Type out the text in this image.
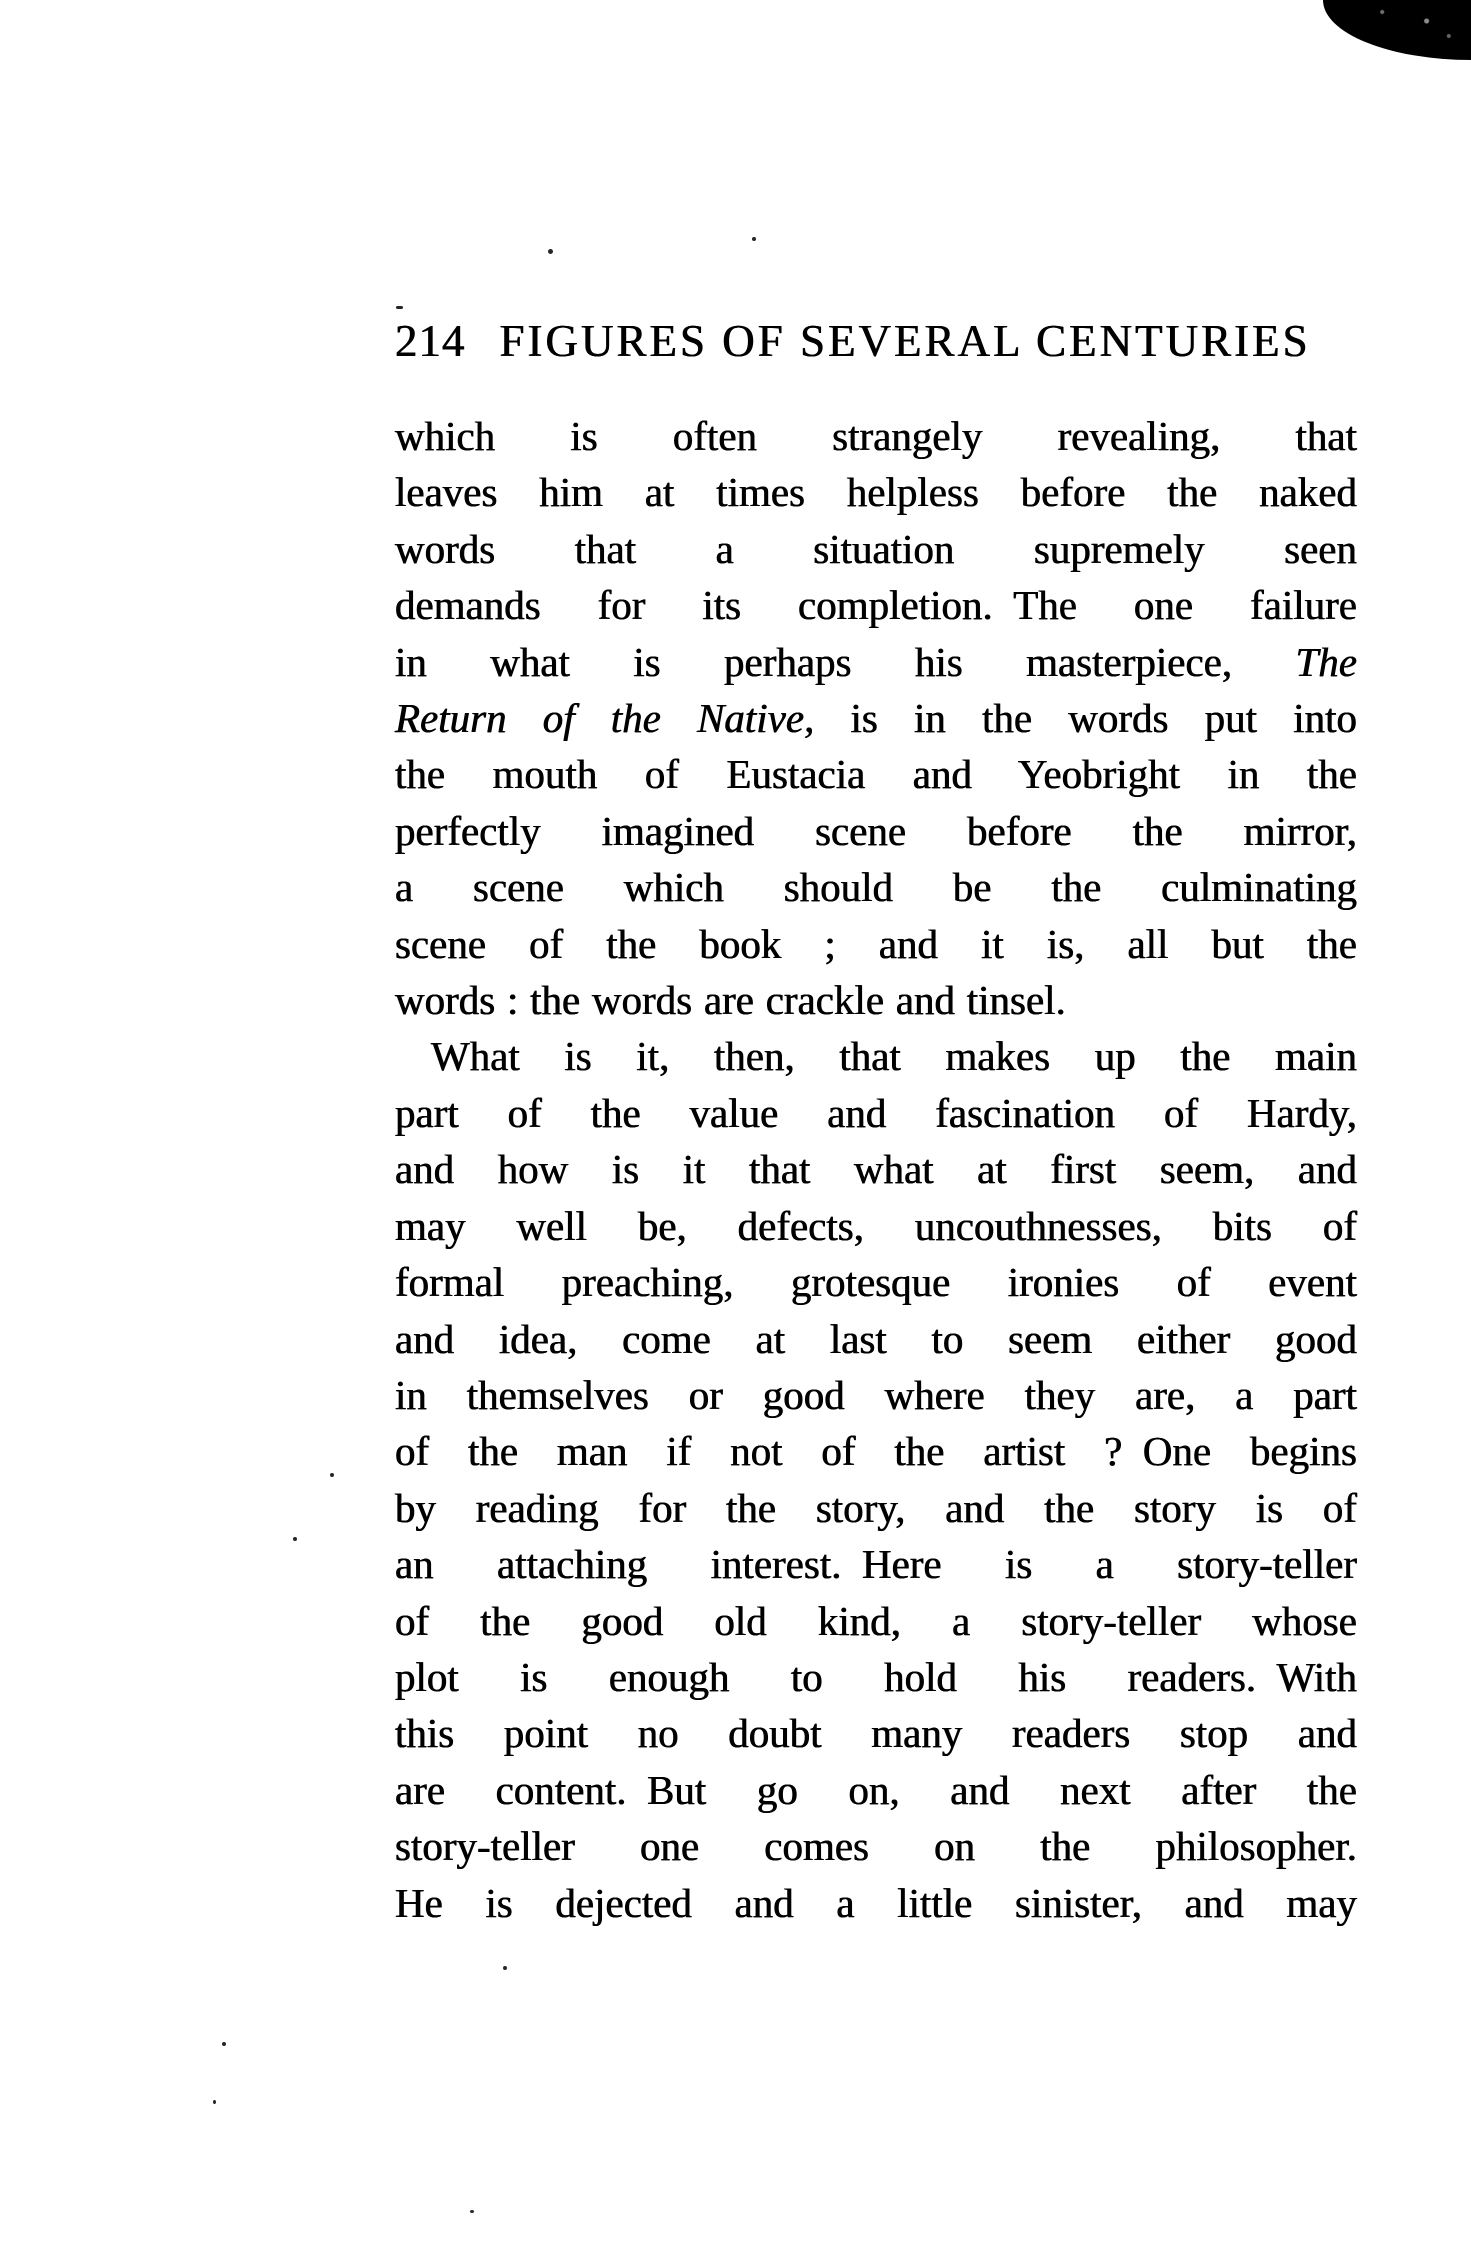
214 FIGURES OF SEVERAL CENTURIES
which is often strangely revealing, that
leaves him at times helpless before the naked
words that a situation supremely seen
demands for its completion. The one failure
in what is perhaps his masterpiece, The
Return of the Native, is in the words put into
the mouth of Eustacia and Yeobright in the
perfectly imagined scene before the mirror,
a scene which should be the culminating
scene of the book ; and it is, all but the
words : the words are crackle and tinsel.
What is it, then, that makes up the main
part of the value and fascination of Hardy,
and how is it that what at first seem, and
may well be, defects, uncouthnesses, bits of
formal preaching, grotesque ironies of event
and idea, come at last to seem either good
in themselves or good where they are, a part
of the man if not of the artist ? One begins
by reading for the story, and the story is of
an attaching interest. Here is a story-teller
of the good old kind, a story-teller whose
plot is enough to hold his readers. With
this point no doubt many readers stop and
are content. But go on, and next after the
story-teller one comes on the philosopher.
He is dejected and a little sinister, and may
